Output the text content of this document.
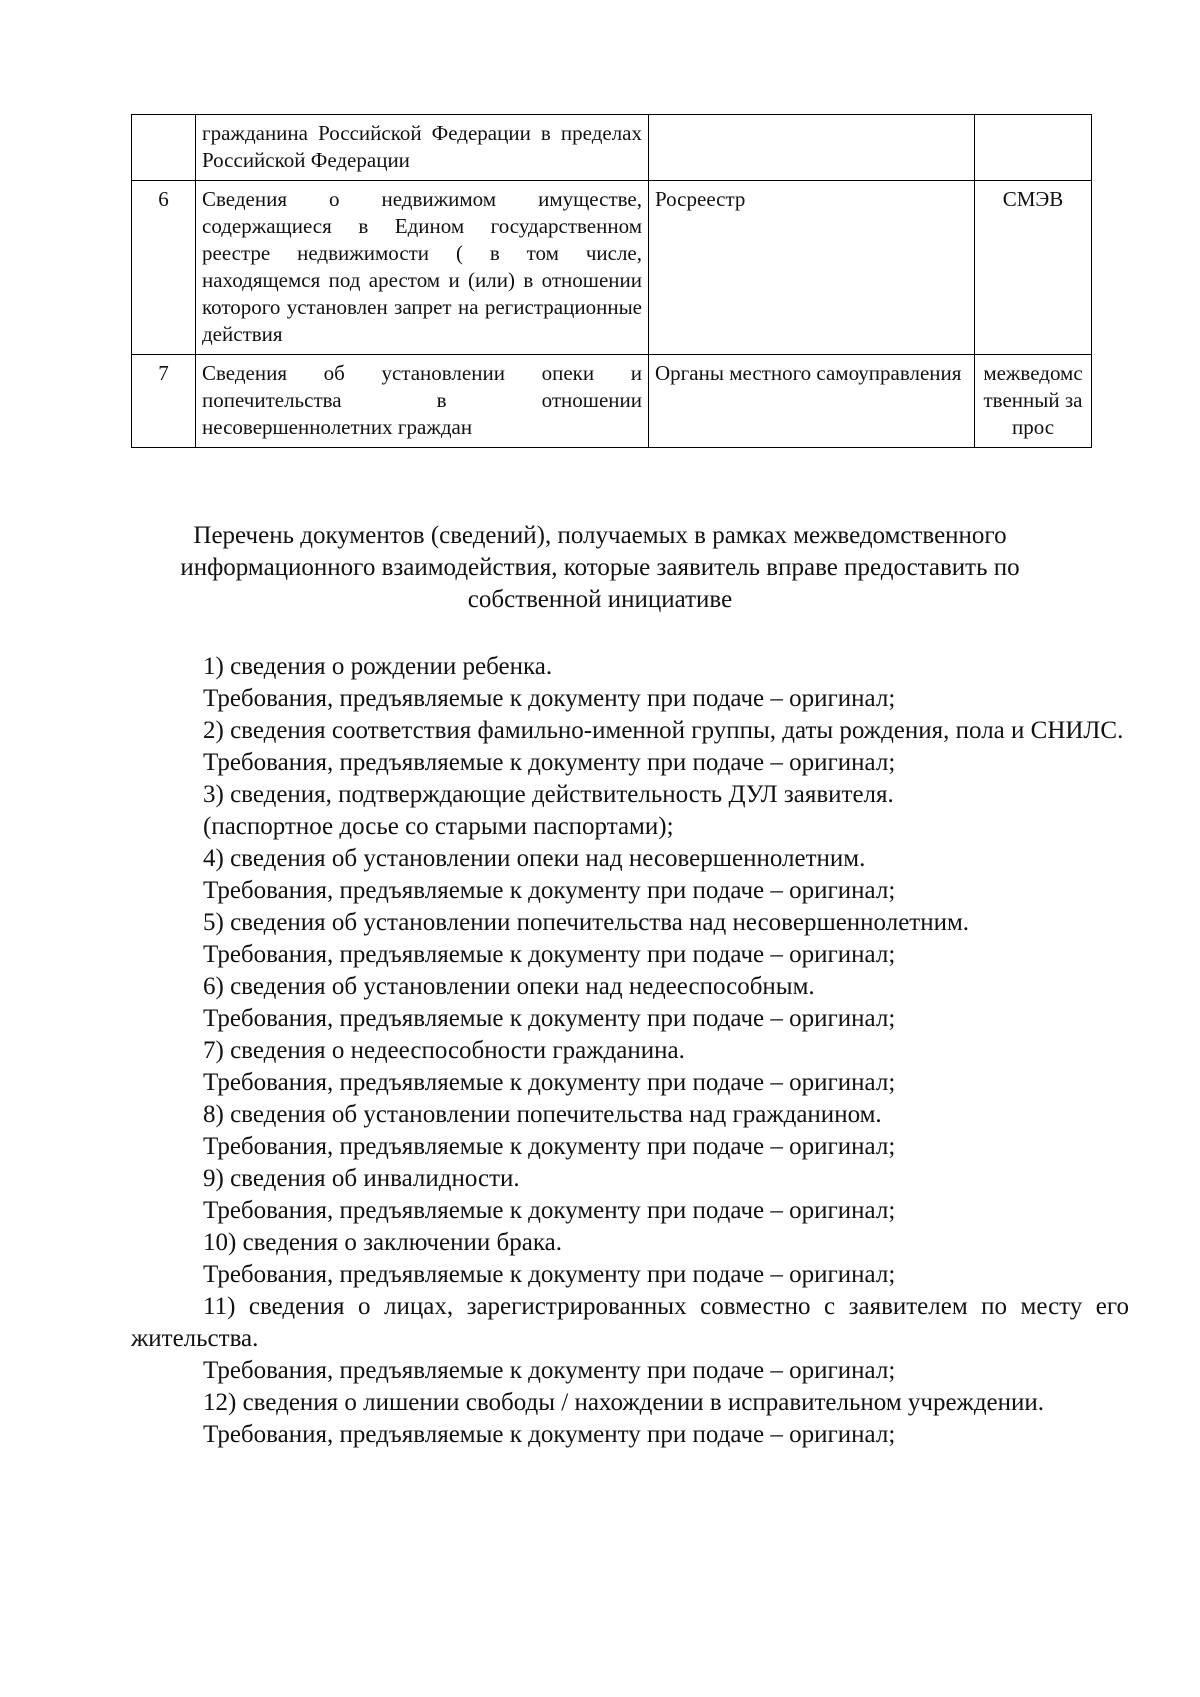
	гражданина Российской Федерации в пределах Российской Федерации		
6	Сведения о недвижимом имуществе, содержащиеся в Едином государственном реестре недвижимости ( в том числе, находящемся под арестом и (или) в отношении которого установлен запрет на регистрационные действия	Росреестр	СМЭВ
7	Сведения об установлении опеки и попечительства в отношении несовершеннолетних граждан	Органы местного самоуправления	межведомственный запрос
Перечень документов (сведений), получаемых в рамках межведомственного информационного взаимодействия, которые заявитель вправе предоставить по собственной инициативе

1) сведения о рождении ребенка.

Требования, предъявляемые к документу при подаче – оригинал;

2) сведения соответствия фамильно-именной группы, даты рождения, пола и СНИЛС.

Требования, предъявляемые к документу при подаче – оригинал;

3) сведения, подтверждающие действительность ДУЛ заявителя.

(паспортное досье со старыми паспортами);

4) сведения об установлении опеки над несовершеннолетним.

Требования, предъявляемые к документу при подаче – оригинал;

5) сведения об установлении попечительства над несовершеннолетним.

Требования, предъявляемые к документу при подаче – оригинал;

6) сведения об установлении опеки над недееспособным.

Требования, предъявляемые к документу при подаче – оригинал;

7) сведения о недееспособности гражданина.

Требования, предъявляемые к документу при подаче – оригинал;

8) сведения об установлении попечительства над гражданином.

Требования, предъявляемые к документу при подаче – оригинал;

9) сведения об инвалидности.

Требования, предъявляемые к документу при подаче – оригинал;

10) сведения о заключении брака.

Требования, предъявляемые к документу при подаче – оригинал;

11) сведения о лицах, зарегистрированных совместно с заявителем по месту его жительства.

Требования, предъявляемые к документу при подаче – оригинал;

12) сведения о лишении свободы / нахождении в исправительном учреждении.

Требования, предъявляемые к документу при подаче – оригинал;
